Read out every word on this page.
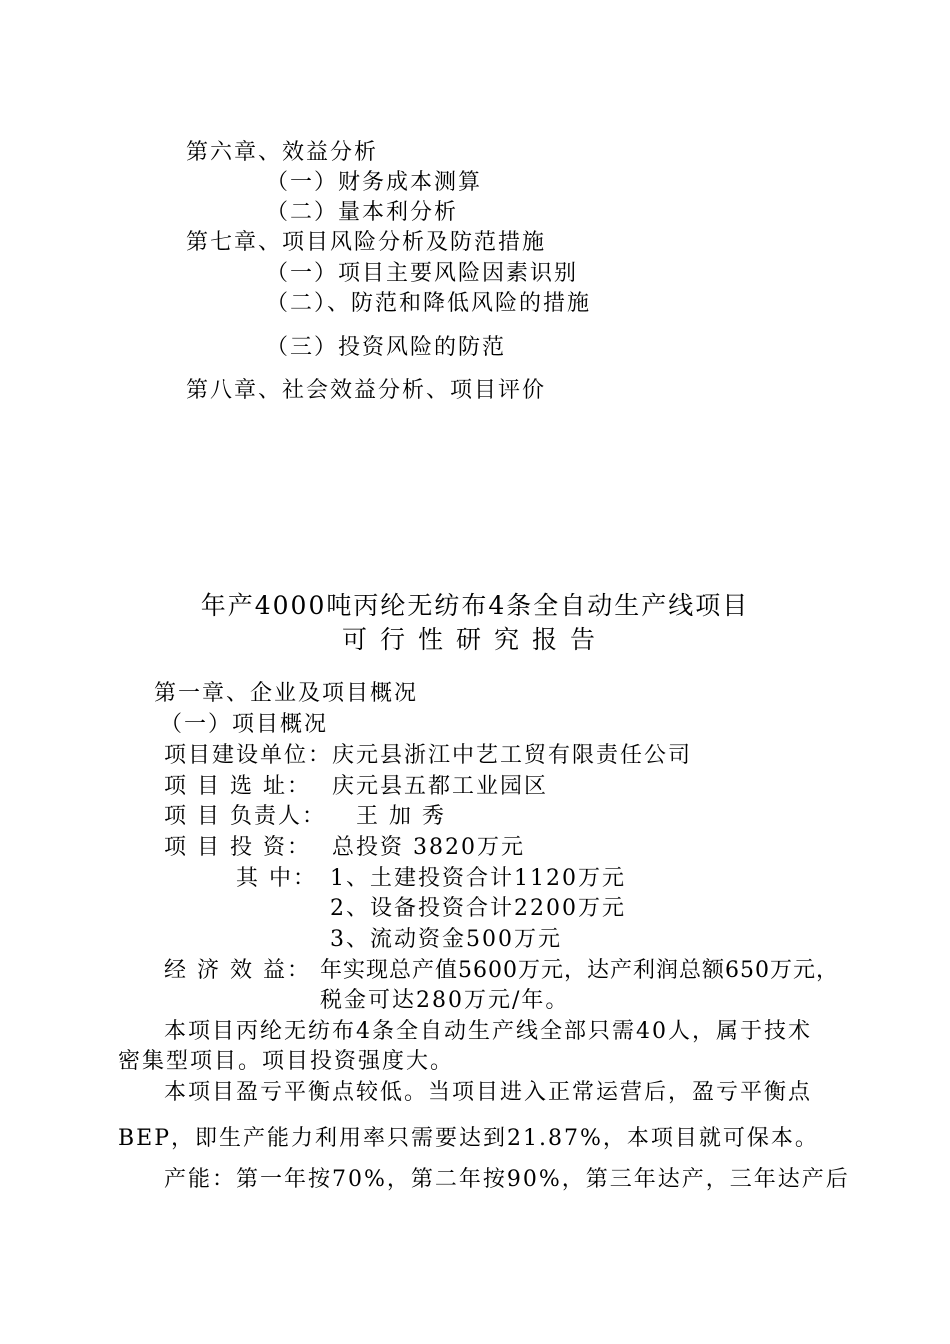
第六章、效益分析
（一）财务成本测算
（二）量本利分析
第七章、项目风险分析及防范措施
（一）项目主要风险因素识别
（二）、防范和降低风险的措施
（三）投资风险的防范
第八章、社会效益分析、项目评价
年产4000吨丙纶无纺布4条全自动生产线项目
可行性研究报告
第一章、企业及项目概况
（一）项目概况
项目建设单位： 庆元县浙江中艺工贸有限责任公司
项 目 选 址： 庆元县五都工业园区
项 目 负责人： 王 加 秀
项 目 投 资： 总投资 3820万元
其 中： 1、土建投资合计1120万元
2、设备投资合计2200万元
3、流动资金500万元
经 济 效 益： 年实现总产值5600万元，达产利润总额650万元，
税金可达280万元/年。
本项目丙纶无纺布4条全自动生产线全部只需40人，属于技术
密集型项目。项目投资强度大。
本项目盈亏平衡点较低。当项目进入正常运营后，盈亏平衡点
BEP，即生产能力利用率只需要达到21.87%，本项目就可保本。
产能：第一年按70%，第二年按90%，第三年达产，三年达产后
